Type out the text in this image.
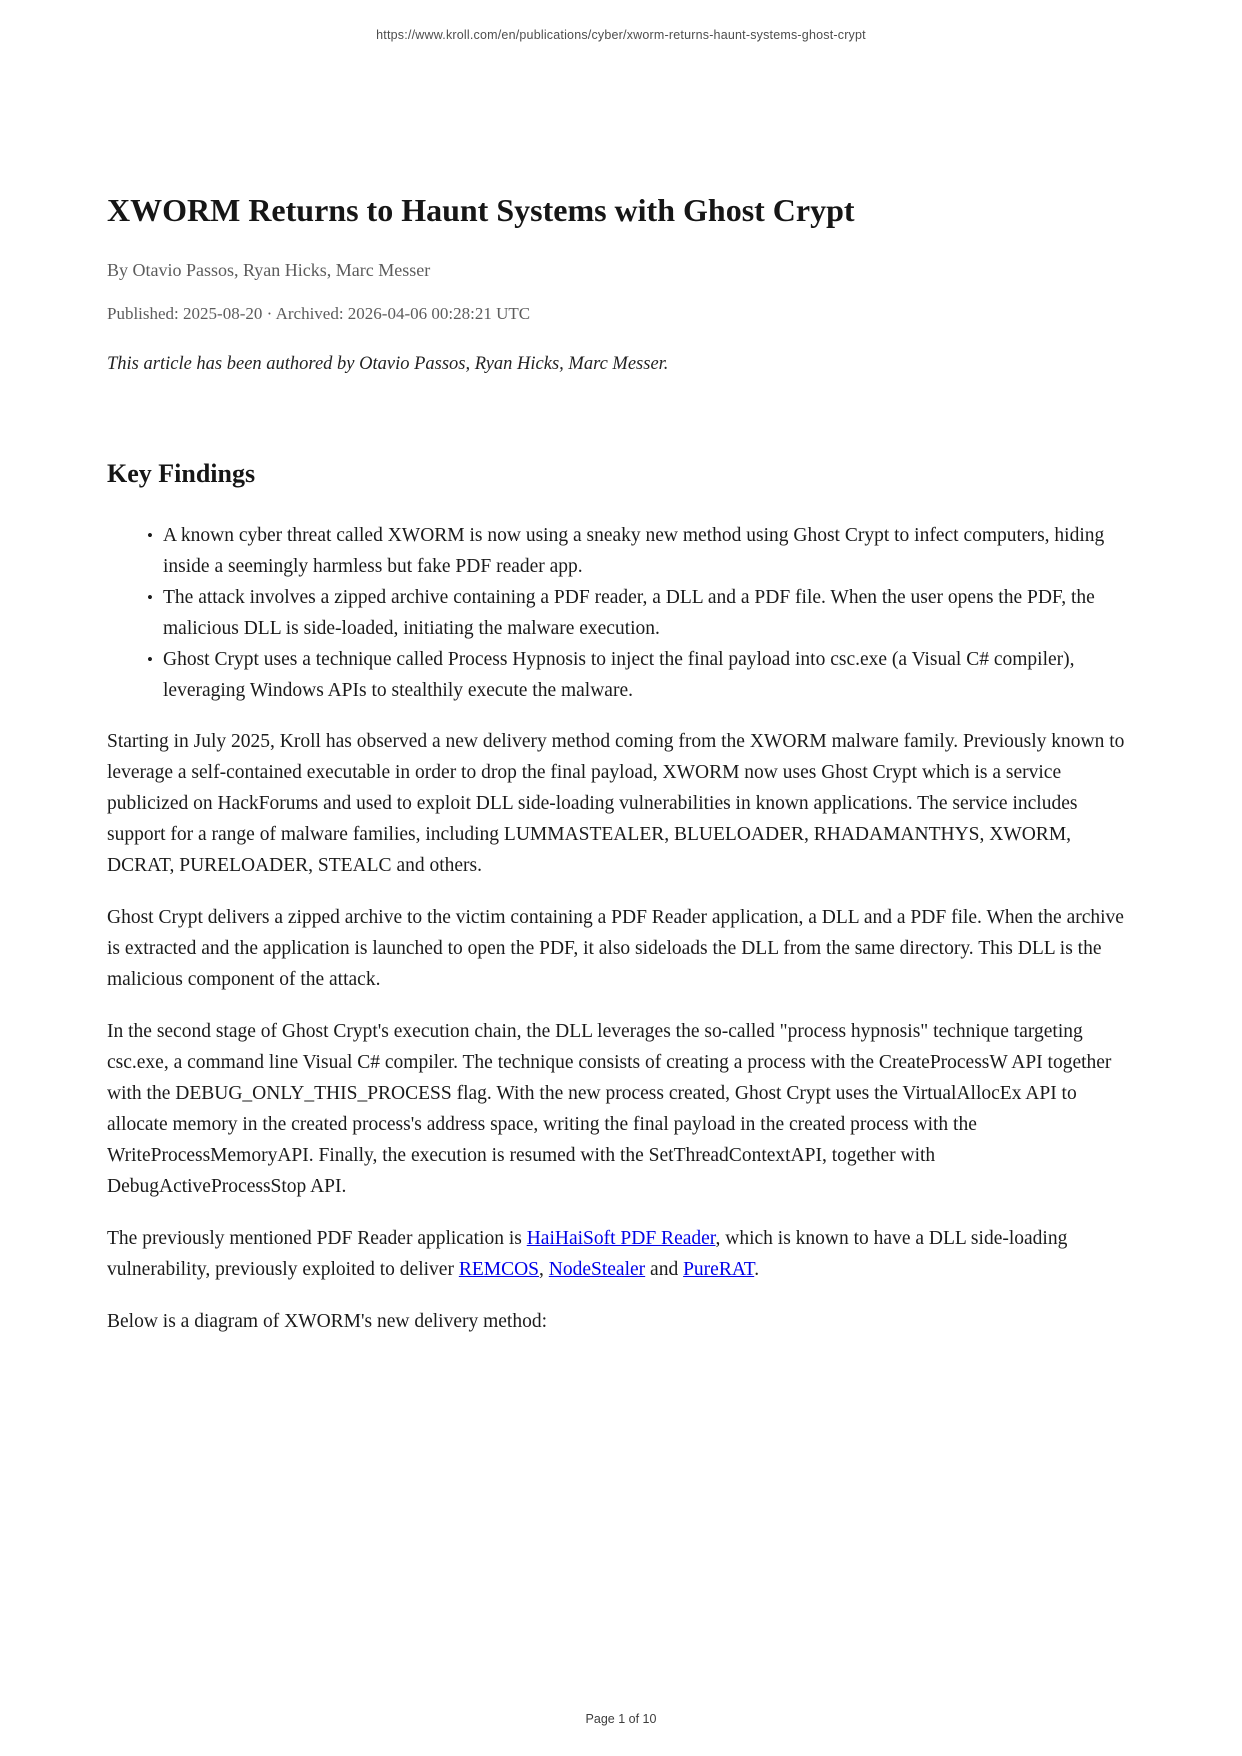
https://www.kroll.com/en/publications/cyber/xworm-returns-haunt-systems-ghost-crypt
XWORM Returns to Haunt Systems with Ghost Crypt
By Otavio Passos, Ryan Hicks, Marc Messer
Published: 2025-08-20 · Archived: 2026-04-06 00:28:21 UTC
This article has been authored by Otavio Passos, Ryan Hicks, Marc Messer.
Key Findings
• A known cyber threat called XWORM is now using a sneaky new method using Ghost Crypt to infect computers, hiding inside a seemingly harmless but fake PDF reader app.
• The attack involves a zipped archive containing a PDF reader, a DLL and a PDF file. When the user opens the PDF, the malicious DLL is side-loaded, initiating the malware execution.
• Ghost Crypt uses a technique called Process Hypnosis to inject the final payload into csc.exe (a Visual C# compiler), leveraging Windows APIs to stealthily execute the malware.

Starting in July 2025, Kroll has observed a new delivery method coming from the XWORM malware family. Previously known to leverage a self-contained executable in order to drop the final payload, XWORM now uses Ghost Crypt which is a service publicized on HackForums and used to exploit DLL side-loading vulnerabilities in known applications. The service includes support for a range of malware families, including LUMMASTEALER, BLUELOADER, RHADAMANTHYS, XWORM, DCRAT, PURELOADER, STEALC and others.

Ghost Crypt delivers a zipped archive to the victim containing a PDF Reader application, a DLL and a PDF file. When the archive is extracted and the application is launched to open the PDF, it also sideloads the DLL from the same directory. This DLL is the malicious component of the attack.

In the second stage of Ghost Crypt's execution chain, the DLL leverages the so-called "process hypnosis" technique targeting csc.exe, a command line Visual C# compiler. The technique consists of creating a process with the CreateProcessW API together with the DEBUG_ONLY_THIS_PROCESS flag. With the new process created, Ghost Crypt uses the VirtualAllocEx API to allocate memory in the created process's address space, writing the final payload in the created process with the WriteProcessMemoryAPI. Finally, the execution is resumed with the SetThreadContextAPI, together with DebugActiveProcessStop API.

The previously mentioned PDF Reader application is HaiHaiSoft PDF Reader, which is known to have a DLL side-loading vulnerability, previously exploited to deliver REMCOS, NodeStealer and PureRAT.

Below is a diagram of XWORM's new delivery method:

Page 1 of 10
